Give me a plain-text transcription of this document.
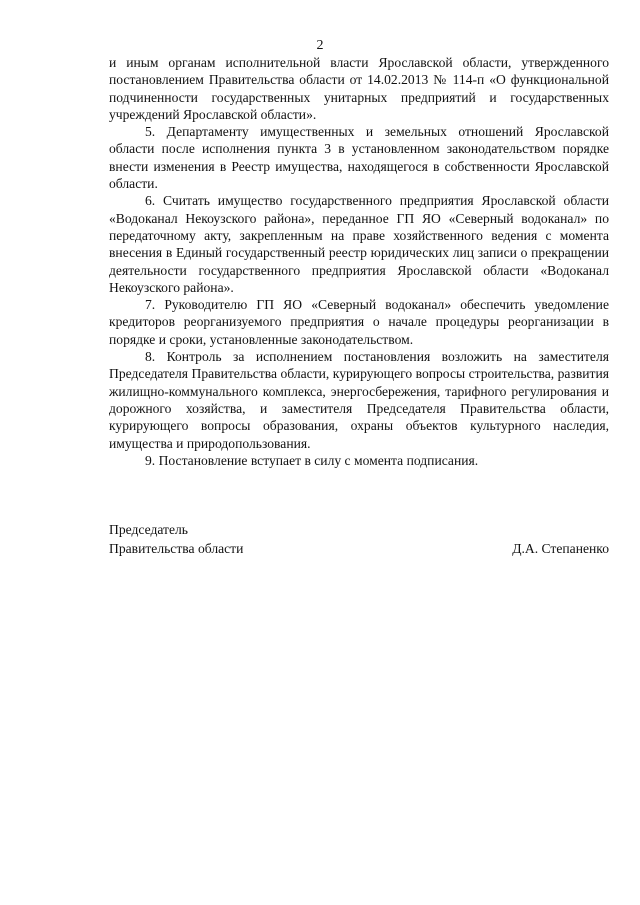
2

и иным органам исполнительной власти Ярославской области, утвержденного постановлением Правительства области от 14.02.2013 № 114-п «О функциональной подчиненности государственных унитарных предприятий и государственных учреждений Ярославской области».

5. Департаменту имущественных и земельных отношений Ярославской области после исполнения пункта 3 в установленном законодательством порядке внести изменения в Реестр имущества, находящегося в собственности Ярославской области.

6. Считать имущество государственного предприятия Ярославской области «Водоканал Некоузского района», переданное ГП ЯО «Северный водоканал» по передаточному акту, закрепленным на праве хозяйственного ведения с момента внесения в Единый государственный реестр юридических лиц записи о прекращении деятельности государственного предприятия Ярославской области «Водоканал Некоузского района».

7. Руководителю ГП ЯО «Северный водоканал» обеспечить уведомление кредиторов реорганизуемого предприятия о начале процедуры реорганизации в порядке и сроки, установленные законодательством.

8. Контроль за исполнением постановления возложить на заместителя Председателя Правительства области, курирующего вопросы строительства, развития жилищно-коммунального комплекса, энергосбережения, тарифного регулирования и дорожного хозяйства, и заместителя Председателя Правительства области, курирующего вопросы образования, охраны объектов культурного наследия, имущества и природопользования.

9. Постановление вступает в силу с момента подписания.

Председатель
Правительства области	Д.А. Степаненко
